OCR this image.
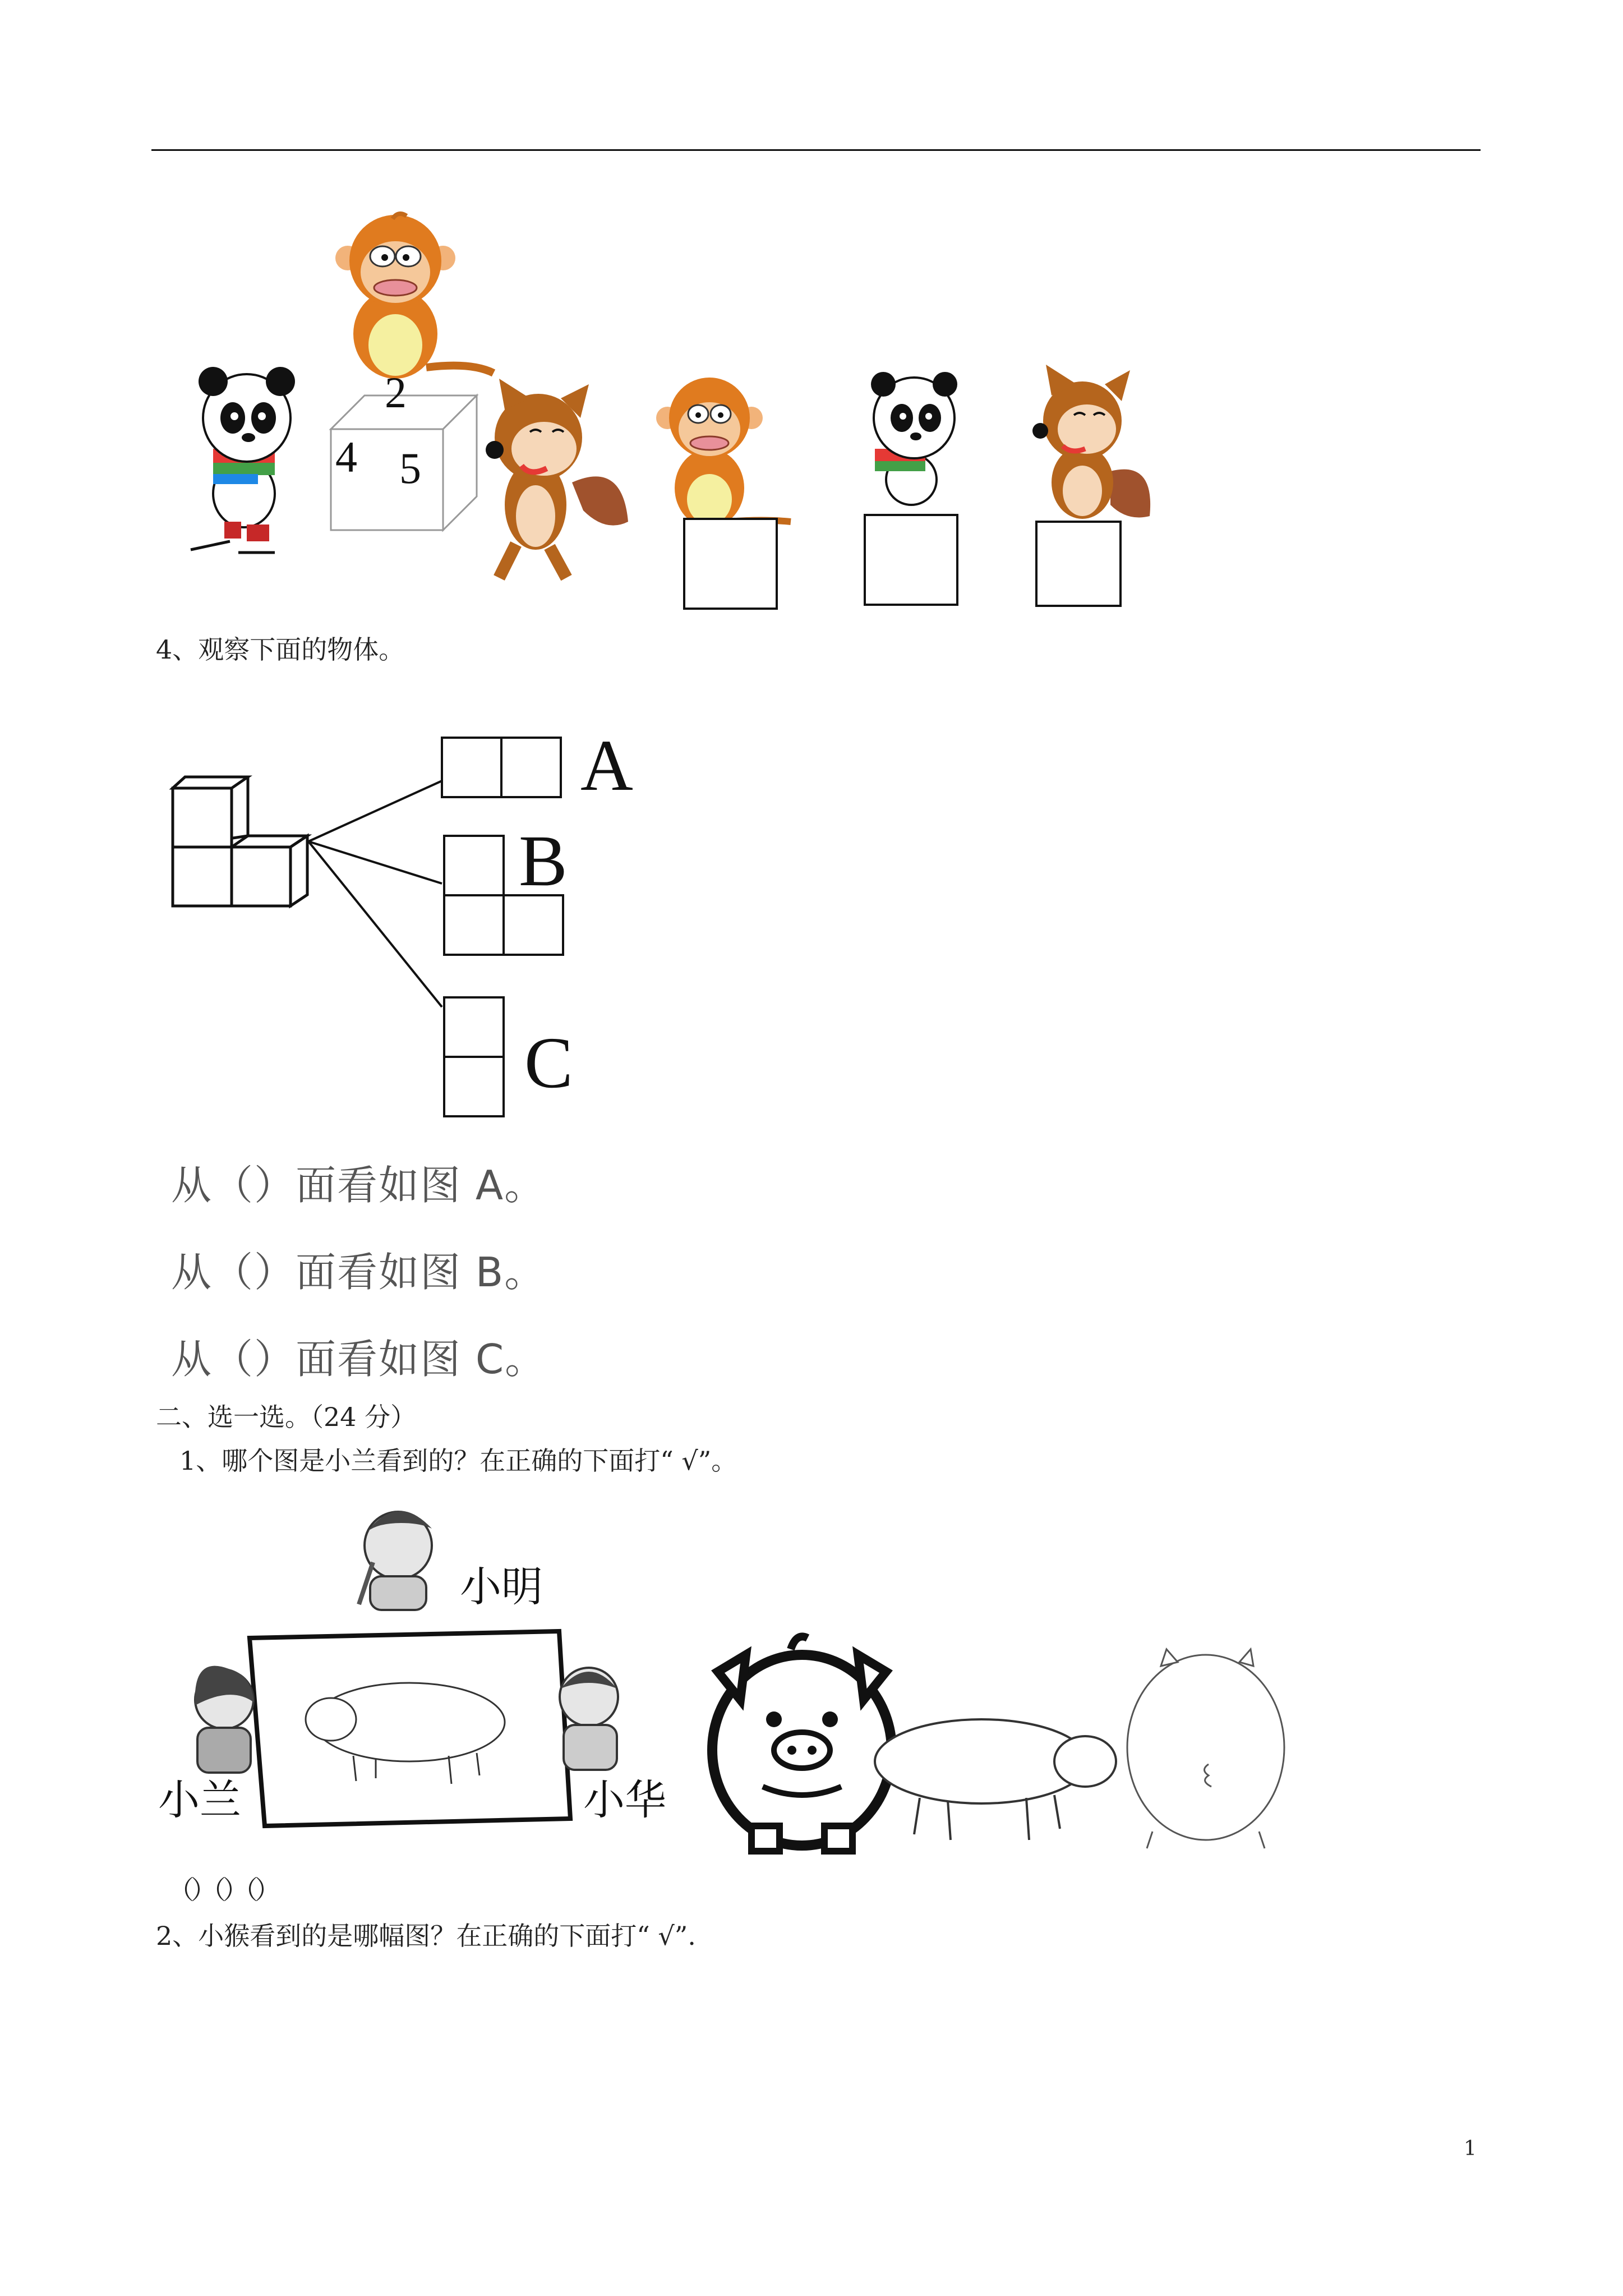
2
4 5
4、观察下面的物体。
A
B
C
从（）面看如图 A。
从（）面看如图 B。
从（）面看如图 C。
二、选一选。（24 分）
1、哪个图是小兰看到的？在正确的下面打“ √”。
小明
小兰	小华
（）（）（）
2、小猴看到的是哪幅图？在正确的下面打“ √”.
1
